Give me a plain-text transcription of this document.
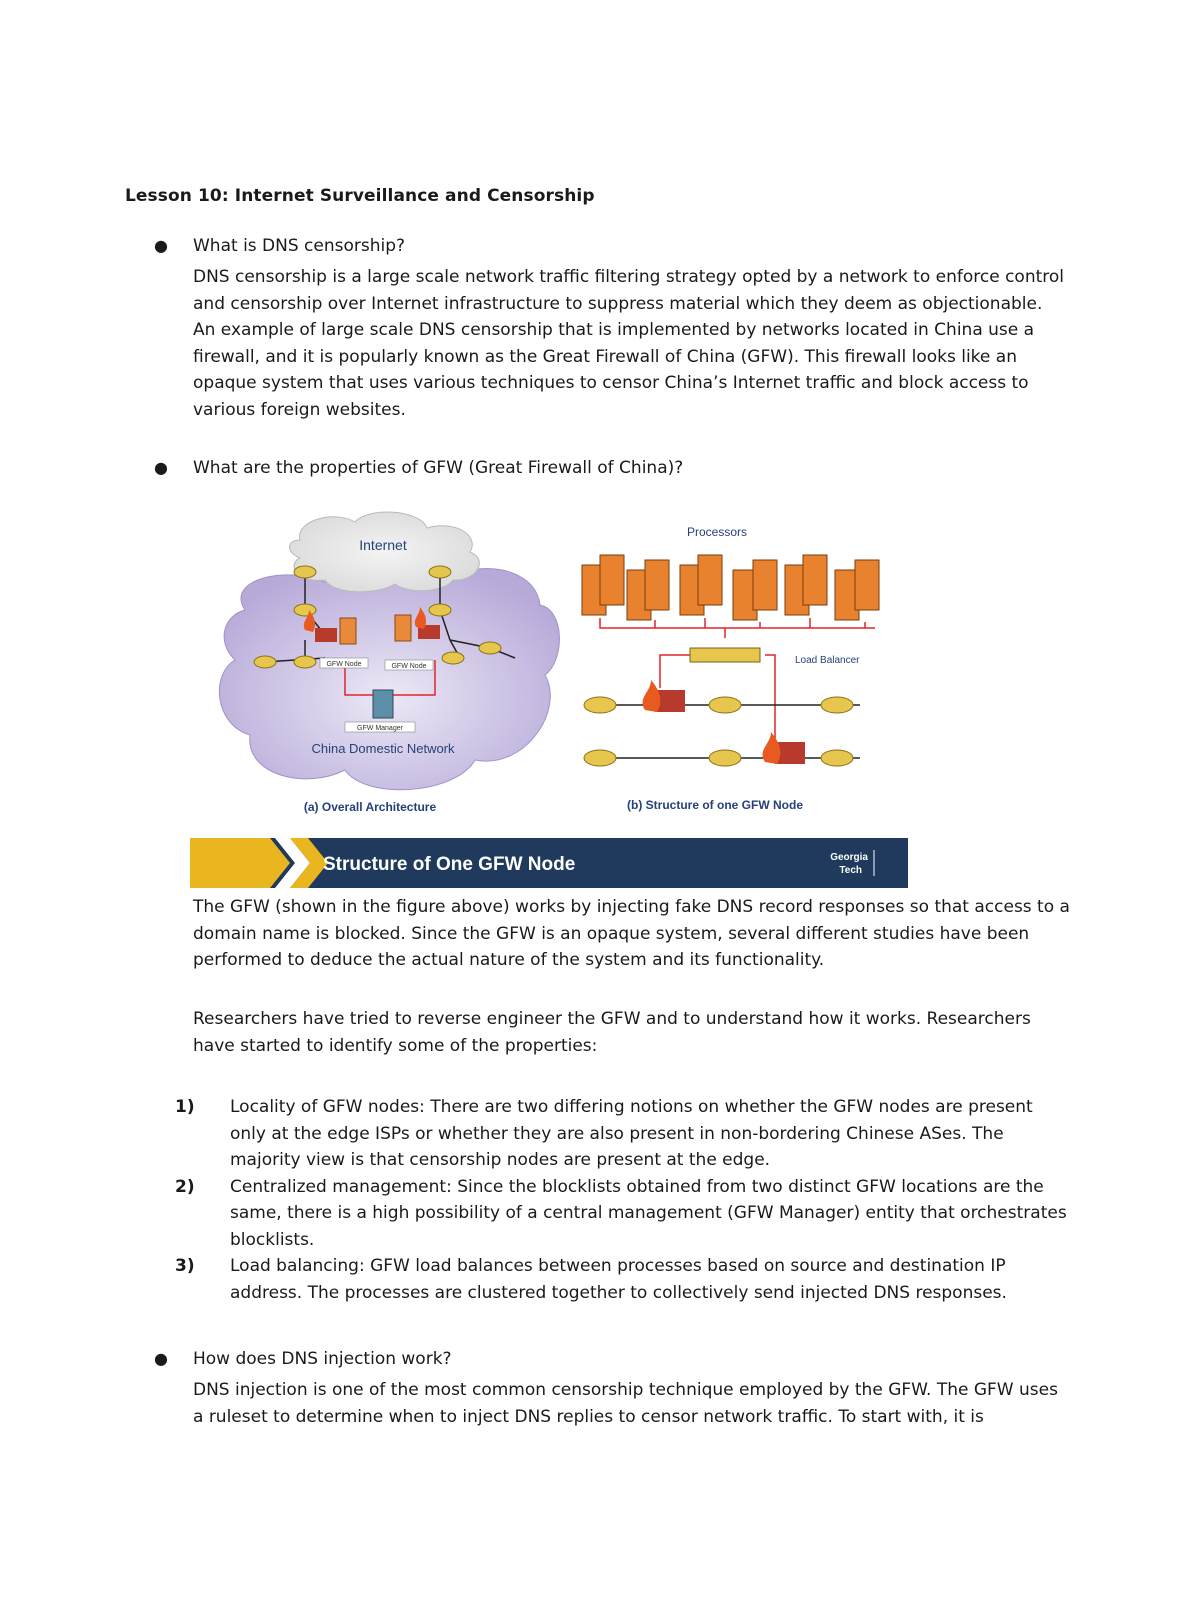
Lesson 10: Internet Surveillance and Censorship
● What is DNS censorship?

DNS censorship is a large scale network traffic filtering strategy opted by a network to enforce control

and censorship over Internet infrastructure to suppress material which they deem as objectionable.

An example of large scale DNS censorship that is implemented by networks located in China use a

firewall, and it is popularly known as the Great Firewall of China (GFW). This firewall looks like an

opaque system that uses various techniques to censor China’s Internet traffic and block access to

various foreign websites.

● What are the properties of GFW (Great Firewall of China)?
Internet
GFW Node	GFW Node
GFW Manager
China Domestic Network
(a) Overall Architecture
Processors
Load Balancer
(b) Structure of one GFW Node
Structure of One GFW Node	Georgia
Tech

The GFW (shown in the figure above) works by injecting fake DNS record responses so that access to a

domain name is blocked. Since the GFW is an opaque system, several different studies have been

performed to deduce the actual nature of the system and its functionality.

Researchers have tried to reverse engineer the GFW and to understand how it works. Researchers

have started to identify some of the properties:

1) Locality of GFW nodes: There are two differing notions on whether the GFW nodes are present
only at the edge ISPs or whether they are also present in non-bordering Chinese ASes. The
majority view is that censorship nodes are present at the edge.
2) Centralized management: Since the blocklists obtained from two distinct GFW locations are the
same, there is a high possibility of a central management (GFW Manager) entity that orchestrates
blocklists.
3) Load balancing: GFW load balances between processes based on source and destination IP
address. The processes are clustered together to collectively send injected DNS responses.
● How does DNS injection work?

DNS injection is one of the most common censorship technique employed by the GFW. The GFW uses

a ruleset to determine when to inject DNS replies to censor network traffic. To start with, it is
